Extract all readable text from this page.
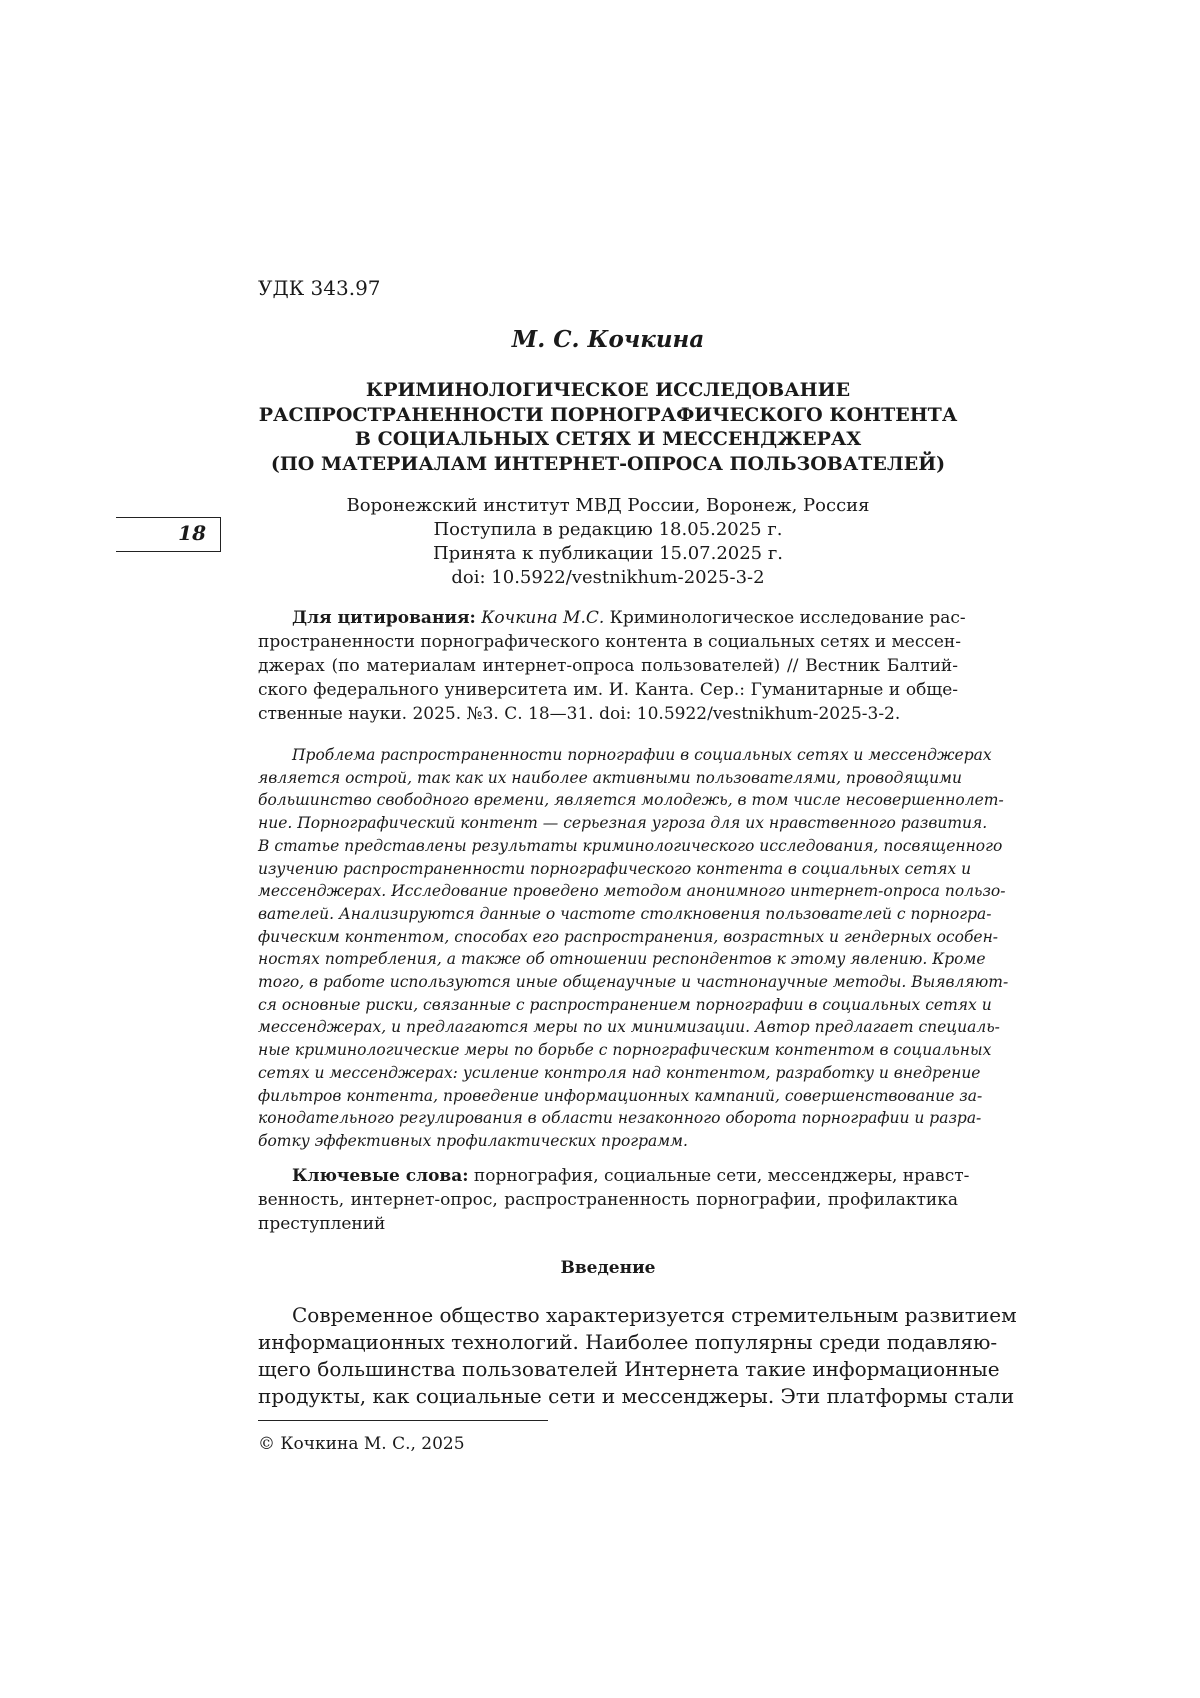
УДК 343.97
М. С. Кочкина
КРИМИНОЛОГИЧЕСКОЕ ИССЛЕДОВАНИЕ
РАСПРОСТРАНЕННОСТИ ПОРНОГРАФИЧЕСКОГО КОНТЕНТА
В СОЦИАЛЬНЫХ СЕТЯХ И МЕССЕНДЖЕРАХ
(ПО МАТЕРИАЛАМ ИНТЕРНЕТ-ОПРОСА ПОЛЬЗОВАТЕЛЕЙ)
18
Воронежский институт МВД России, Воронеж, Россия
Поступила в редакцию 18.05.2025 г.
Принята к публикации 15.07.2025 г.
doi: 10.5922/vestnikhum-2025-3-2
Для цитирования: Кочкина М.С. Криминологическое исследование рас-
пространенности порнографического контента в социальных сетях и мессен-
джерах (по материалам интернет-опроса пользователей) // Вестник Балтий-
ского федерального университета им. И. Канта. Сер.: Гуманитарные и обще-
ственные науки. 2025. №3. С. 18—31. doi: 10.5922/vestnikhum-2025-3-2.
Проблема распространенности порнографии в социальных сетях и мессенджерах
является острой, так как их наиболее активными пользователями, проводящими
большинство свободного времени, является молодежь, в том числе несовершеннолет-
ние. Порнографический контент — серьезная угроза для их нравственного развития.
В статье представлены результаты криминологического исследования, посвященного
изучению распространенности порнографического контента в социальных сетях и
мессенджерах. Исследование проведено методом анонимного интернет-опроса пользо-
вателей. Анализируются данные о частоте столкновения пользователей с порногра-
фическим контентом, способах его распространения, возрастных и гендерных особен-
ностях потребления, а также об отношении респондентов к этому явлению. Кроме
того, в работе используются иные общенаучные и частнонаучные методы. Выявляют-
ся основные риски, связанные с распространением порнографии в социальных сетях и
мессенджерах, и предлагаются меры по их минимизации. Автор предлагает специаль-
ные криминологические меры по борьбе с порнографическим контентом в социальных
сетях и мессенджерах: усиление контроля над контентом, разработку и внедрение
фильтров контента, проведение информационных кампаний, совершенствование за-
конодательного регулирования в области незаконного оборота порнографии и разра-
ботку эффективных профилактических программ.
Ключевые слова: порнография, социальные сети, мессенджеры, нравст-
венность, интернет-опрос, распространенность порнографии, профилактика
преступлений
Введение
Современное общество характеризуется стремительным развитием
информационных технологий. Наиболее популярны среди подавляю-
щего большинства пользователей Интернета такие информационные
продукты, как социальные сети и мессенджеры. Эти платформы стали
© Кочкина М. С., 2025
